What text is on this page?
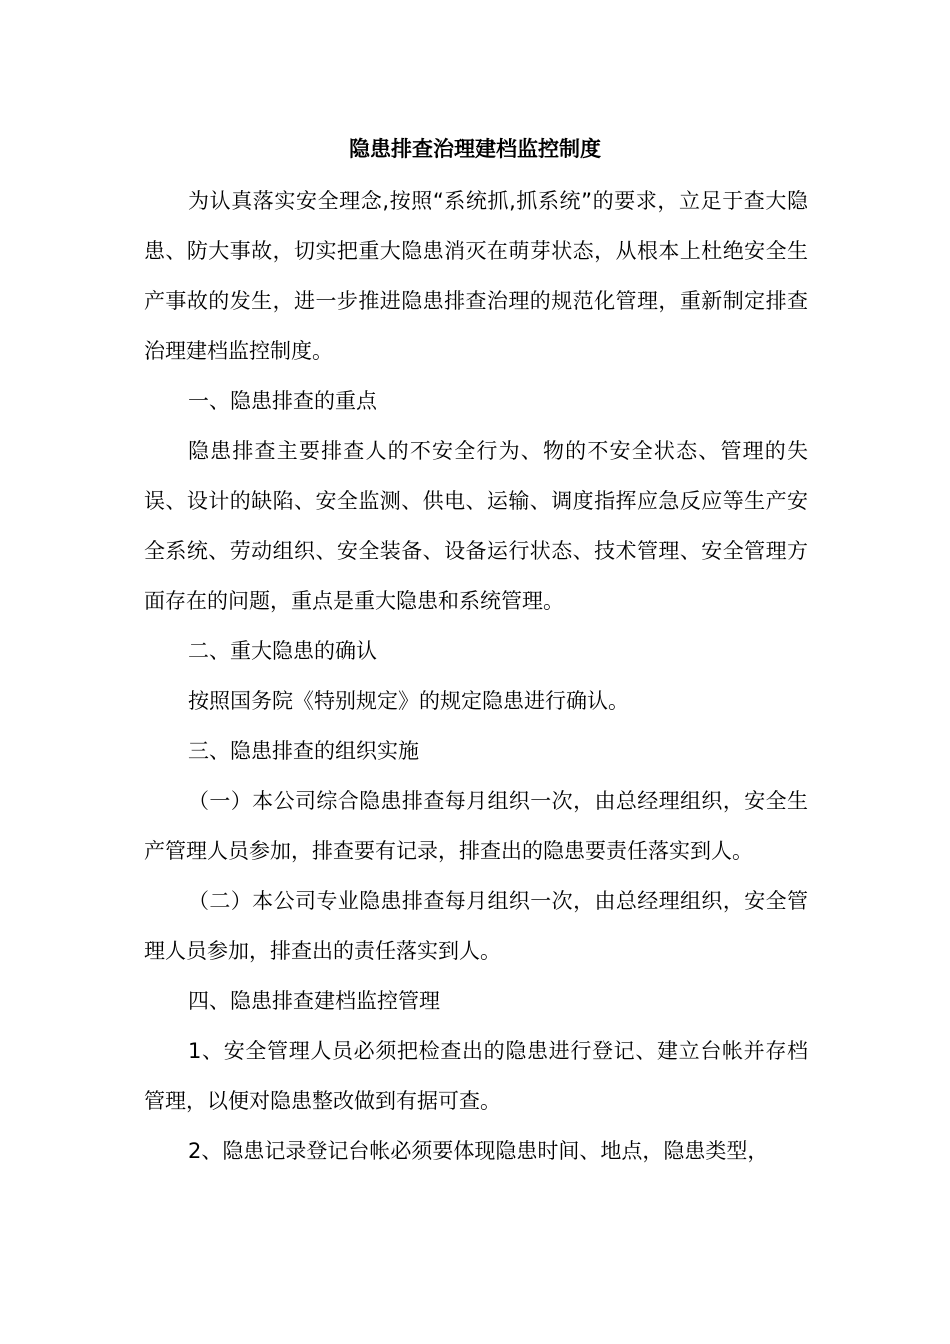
隐患排查治理建档监控制度

为认真落实安全理念,按照“系统抓,抓系统”的要求，立足于查大隐患、防大事故，切实把重大隐患消灭在萌芽状态，从根本上杜绝安全生产事故的发生，进一步推进隐患排查治理的规范化管理，重新制定排查治理建档监控制度。

一、隐患排查的重点

隐患排查主要排查人的不安全行为、物的不安全状态、管理的失误、设计的缺陷、安全监测、供电、运输、调度指挥应急反应等生产安全系统、劳动组织、安全装备、设备运行状态、技术管理、安全管理方面存在的问题，重点是重大隐患和系统管理。

二、重大隐患的确认

按照国务院《特别规定》的规定隐患进行确认。

三、隐患排查的组织实施

（一）本公司综合隐患排查每月组织一次，由总经理组织，安全生产管理人员参加，排查要有记录，排查出的隐患要责任落实到人。

（二）本公司专业隐患排查每月组织一次，由总经理组织，安全管理人员参加，排查出的责任落实到人。

四、隐患排查建档监控管理

1、安全管理人员必须把检查出的隐患进行登记、建立台帐并存档管理，以便对隐患整改做到有据可查。

2、隐患记录登记台帐必须要体现隐患时间、地点，隐患类型，
